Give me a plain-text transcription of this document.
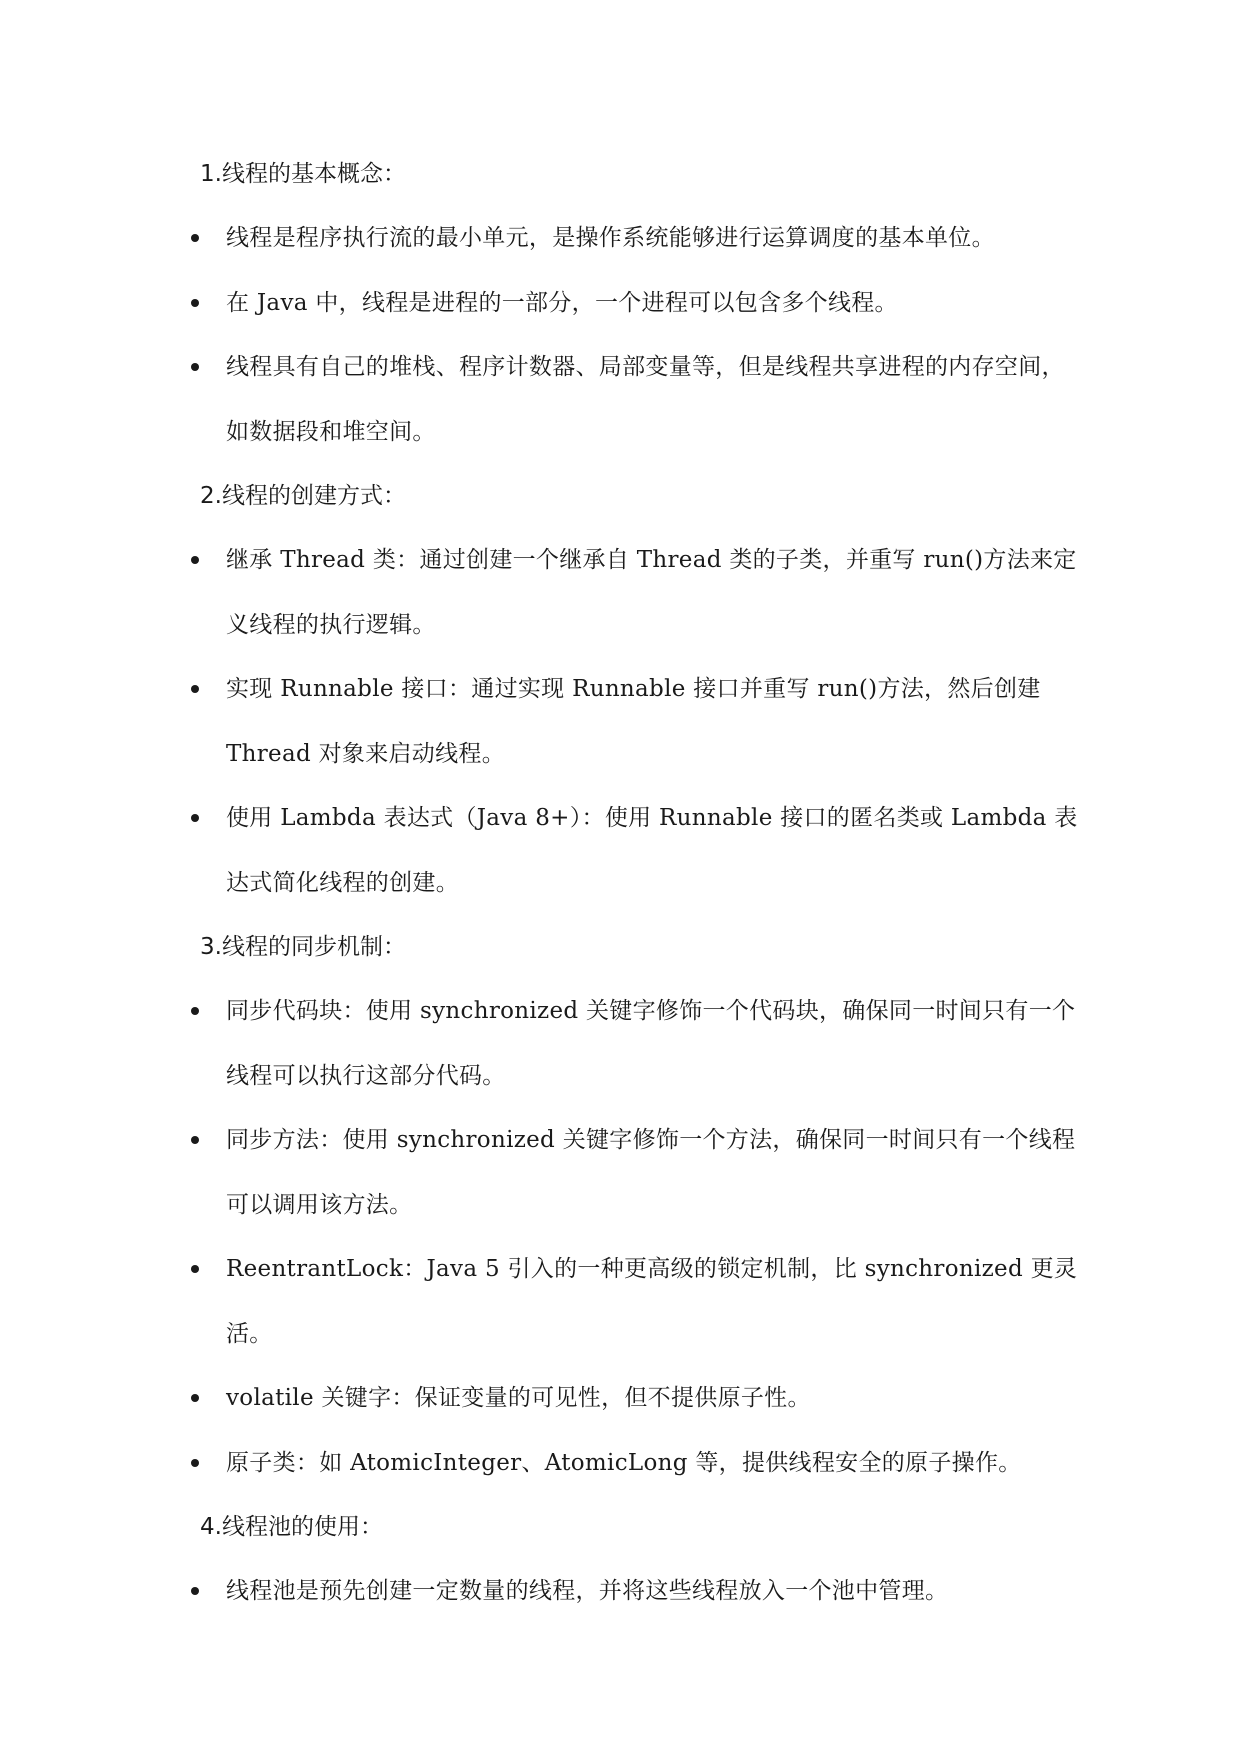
1.线程的基本概念：
线程是程序执行流的最小单元，是操作系统能够进行运算调度的基本单位。
在 Java 中，线程是进程的一部分，一个进程可以包含多个线程。
线程具有自己的堆栈、程序计数器、局部变量等，但是线程共享进程的内存空间，如数据段和堆空间。
2.线程的创建方式：
继承 Thread 类：通过创建一个继承自 Thread 类的子类，并重写 run()方法来定义线程的执行逻辑。
实现 Runnable 接口：通过实现 Runnable 接口并重写 run()方法，然后创建 Thread 对象来启动线程。
使用 Lambda 表达式（Java 8+）：使用 Runnable 接口的匿名类或 Lambda 表达式简化线程的创建。
3.线程的同步机制：
同步代码块：使用 synchronized 关键字修饰一个代码块，确保同一时间只有一个线程可以执行这部分代码。
同步方法：使用 synchronized 关键字修饰一个方法，确保同一时间只有一个线程可以调用该方法。
ReentrantLock：Java 5 引入的一种更高级的锁定机制，比 synchronized 更灵活。
volatile 关键字：保证变量的可见性，但不提供原子性。
原子类：如 AtomicInteger、AtomicLong 等，提供线程安全的原子操作。
4.线程池的使用：
线程池是预先创建一定数量的线程，并将这些线程放入一个池中管理。
